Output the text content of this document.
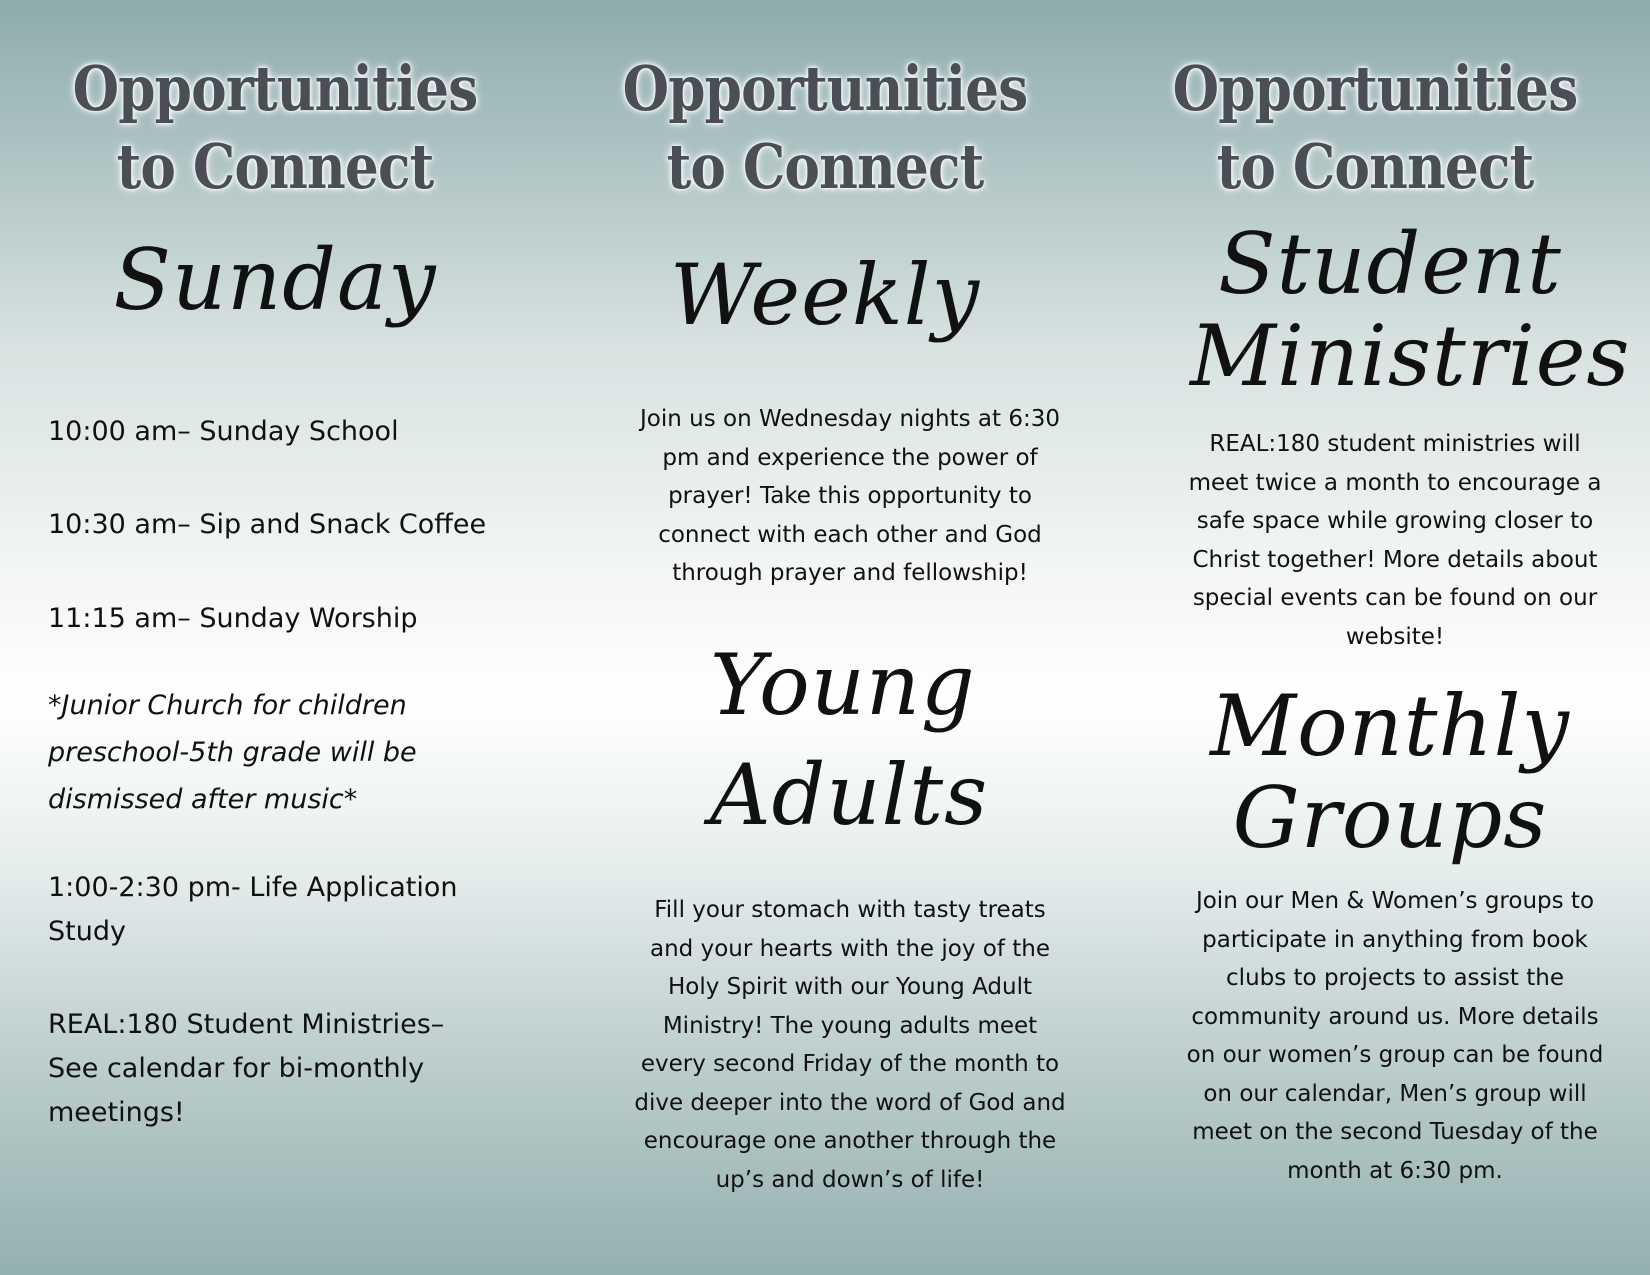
Opportunities to Connect
Sunday

10:00 am– Sunday School

10:30 am– Sip and Snack Coffee

11:15 am– Sunday Worship

*Junior Church for children preschool-5th grade will be dismissed after music*

1:00-2:30 pm- Life Application Study

REAL:180 Student Ministries– See calendar for bi-monthly meetings!

Opportunities to Connect
Weekly

Join us on Wednesday nights at 6:30 pm and experience the power of prayer! Take this opportunity to connect with each other and God through prayer and fellowship!

Young Adults

Fill your stomach with tasty treats and your hearts with the joy of the Holy Spirit with our Young Adult Ministry! The young adults meet every second Friday of the month to dive deeper into the word of God and encourage one another through the up’s and down’s of life!

Opportunities to Connect
Student Ministries

REAL:180 student ministries will meet twice a month to encourage a safe space while growing closer to Christ together! More details about special events can be found on our website!

Monthly Groups

Join our Men & Women’s groups to participate in anything from book clubs to projects to assist the community around us. More details on our women’s group can be found on our calendar, Men’s group will meet on the second Tuesday of the month at 6:30 pm.
